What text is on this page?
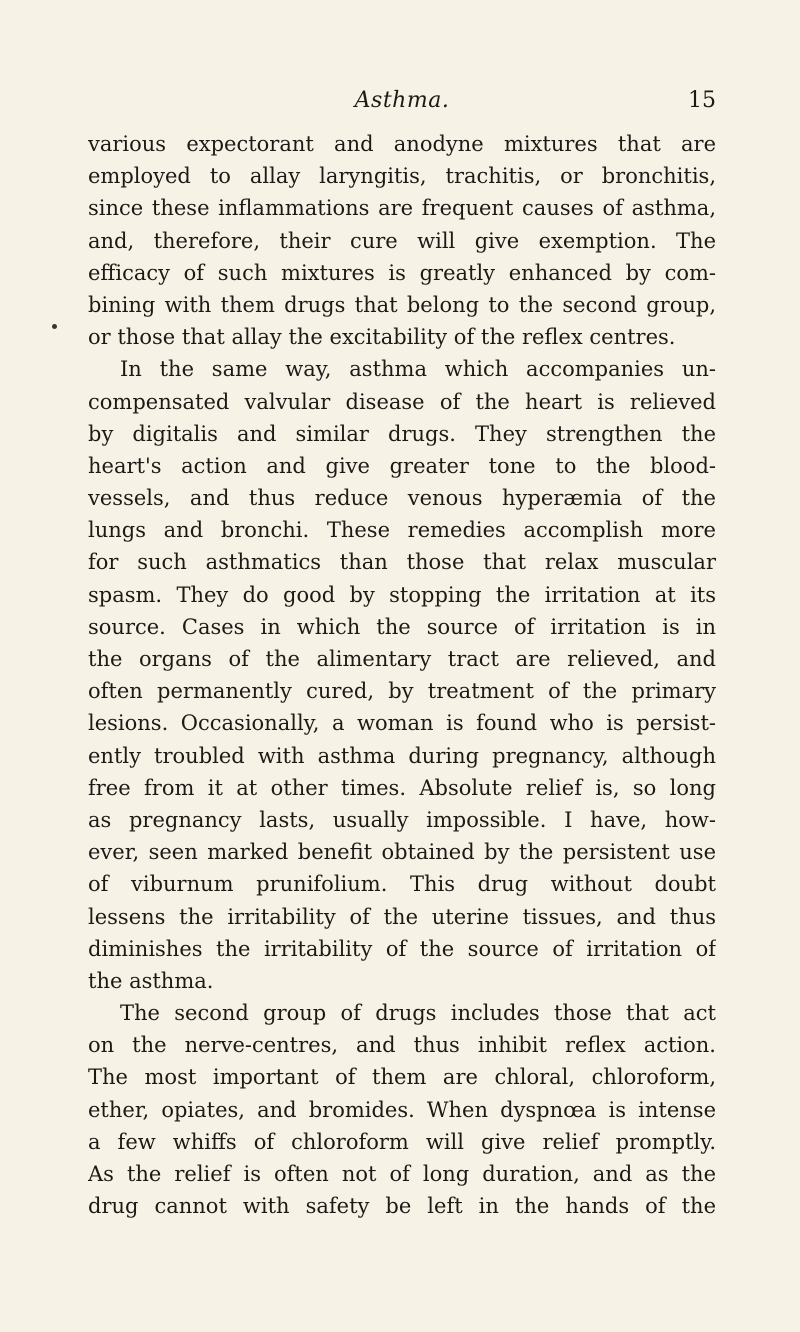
Asthma.	15
various expectorant and anodyne mixtures that are
employed to allay laryngitis, trachitis, or bronchitis,
since these inflammations are frequent causes of asthma,
and, therefore, their cure will give exemption. The
efficacy of such mixtures is greatly enhanced by com-
bining with them drugs that belong to the second group,
or those that allay the excitability of the reflex centres.
In the same way, asthma which accompanies un-
compensated valvular disease of the heart is relieved
by digitalis and similar drugs. They strengthen the
heart's action and give greater tone to the blood-
vessels, and thus reduce venous hyperæmia of the
lungs and bronchi. These remedies accomplish more
for such asthmatics than those that relax muscular
spasm. They do good by stopping the irritation at its
source. Cases in which the source of irritation is in
the organs of the alimentary tract are relieved, and
often permanently cured, by treatment of the primary
lesions. Occasionally, a woman is found who is persist-
ently troubled with asthma during pregnancy, although
free from it at other times. Absolute relief is, so long
as pregnancy lasts, usually impossible. I have, how-
ever, seen marked benefit obtained by the persistent use
of viburnum prunifolium. This drug without doubt
lessens the irritability of the uterine tissues, and thus
diminishes the irritability of the source of irritation of
the asthma.
The second group of drugs includes those that act
on the nerve-centres, and thus inhibit reflex action.
The most important of them are chloral, chloroform,
ether, opiates, and bromides. When dyspnœa is intense
a few whiffs of chloroform will give relief promptly.
As the relief is often not of long duration, and as the
drug cannot with safety be left in the hands of the
